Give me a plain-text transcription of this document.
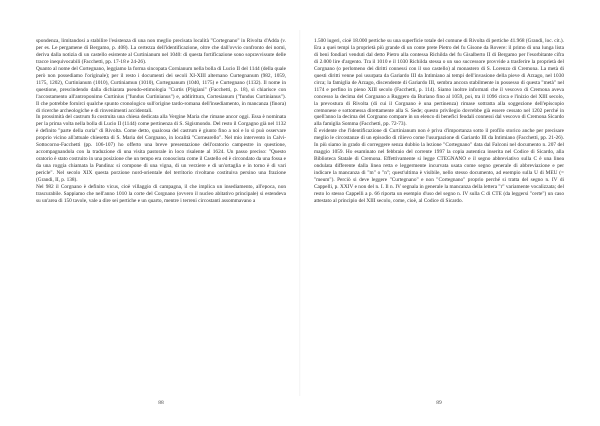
spondenza, limitandosi a stabilire l'esistenza di una non meglio precisata località "Cortegnano" in Rivolta d'Adda (v. per es. Le pergamene di Bergamo, p. 408). La certezza dell'identificazione, oltre che dall'ovvio confronto dei nomi, deriva dalla notizia di un castello esistente al Curtinianum nel 1040: di questa fortificazione sono sopravvissute delle tracce inequivocabili (Facchetti, pp. 17-18 e 24-26).

Quanto al nome del Cortegnano, leggiamo la forma sincopata Cornianum nella bolla di Lucio II del 1144 (della quale però non possediamo l'originale); per il resto i documenti dei secoli XI-XIII alternano Curtegnanum (982, 1059, 1175, 1202), Curtinianum (1010), Curtiniamun (1010), Cortegnanum (1040, 1175) e Curtegnano (1132). Il nome in questione, prescindendo dalla dichiarata pseudo-etimologia "Curtis (P)igiani" (Facchetti, p. 18), si chiarisce con l'accostamento all'antroponimo Curtinius ("fundus Curtinianus") e, addirittura, Cortesianum ("fundus Curtinianus"). Il che potrebbe fornirci qualche spunto cronologico sull'origine tardo-romana dell'insediamento, in mancanza (finora) di ricerche archeologiche e di rinvenimenti accidentali.

In prossimità del castrum fu costruita una chiesa dedicata alla Vergine Maria che rimane ancor oggi. Essa è nominata per la prima volta nella bolla di Lucio II (1144) come pertinenza di S. Sigismondo. Del resto il Corgagno già nel 1132 è definito "parte della curia" di Rivolta. Come detto, qualcosa del castrum è giunto fino a noi e lo si può osservare proprio vicino all'attuale chiesetta di S. Maria del Corgnano, in località "Cornearello". Nel mio intervento in Calvi-Sottocorno-Facchetti (pp. 106-107) ho offerto una breve presentazione dell'oratorio campestre in questione, accompagnandola con la traduzione di una visita pastorale in loco risalente al 1624. Un passo preciso: "Questo oratorio è stato costruito in una posizione che un tempo era conosciuta come il Castello ed è circondato da una fossa e da una roggia chiamata la Pandina: si compone di una vigna, di un verziere e di un'ortaglia e in torno è di vari pericle". Nel secolo XIX questa porzione nord-orientale del territorio rivoltano costituiva persino una frazione (Grandi, II, p. 138).

Nel 982 il Corgnano è definito vicus, cioè villaggio di campagna, il che implica un insediamento, all'epoca, non trascurabile. Sappiamo che nell'anno 1010 la corte del Corgnano (ovvero il nucleo abitativo principale) si estendeva su un'area di 150 tavole, vale a dire sei pertiche e un quarto, mentre i terreni circostanti assommavano a

88

1.500 iugeri, cioè 18.000 pertiche su una superficie totale del comune di Rivolta di pertiche 41.968 (Grandi, loc. cit.). Era a quei tempi la proprietà più grande di un conte prete Pietro del fu Gisone da Rovere: il primo di una lunga lista di beni fondiari venduti dal detto Pietro alla contessa Richilda del fu Gisalberto II di Bergamo per l'esorbitante cifra di 2.000 lire d'argento. Tra il 1010 e il 1030 Richilda stessa o un suo successore provvide a trasferire la proprietà del Corgnano (o perlomeno dei diritti connessi con il suo castello) al monastero di S. Lorenzo di Cremona. La metà di questi diritti venne poi usurpata da Gariardo III da Intimiano ai tempi dell'invasione della pieve di Arzago, nel 1030 circa; la famiglia de Arzago, discendente di Gariardo III, sembra ancora stabilmente in possesso di questa "metà" nel 1174 e perfino in pieno XIII secolo (Facchetti, p. 114). Siamo inoltre informati che il vescovo di Cremona aveva concesso la decima del Corgnano a Ruggero da Buriano fino al 1059, poi, tra il 1096 circa e l'inizio del XIII secolo, la prevostura di Rivolta (di cui il Corgnano è una pertinenza) rimase sottratta alla soggezione dell'episcopio cremonese e sottomessa direttamente alla S. Sede; questo privilegio dovrebbe già essere cessato nel 1202 perché in quell'anno la decima del Corgnano compare in un elenco di benefici feudali connessi dal vescovo di Cremona Sicardo alla famiglia Somma (Facchetti, pp. 72-73).

È evidente che l'identificazione di Curtinianum non è priva d'importanza sotto il profilo storico anche per precisare meglio le circostanze di un episodio di rilievo come l'usurpazione di Gariardo III da Intimiano (Facchetti, pp. 21-26). In più siamo in grado di correggere senza dubbio la lezione "Cortegnano" data dal Falconi nel documento n. 207 del maggio 1059. Ho esaminato nel febbraio del corrente 1997 la copia autentica inserita nel Codice di Sicardo, alla Biblioteca Statale di Cremona. Effettivamente si legge CTEGNANO e il segno abbreviativo sulla C è una linea ondulata differente dalla linea retta e leggermente incurvata usata come segno generale di abbreviazione e per indicare la mancanza di "m" o "n"; quest'ultima è visibile, nello stesso documento, ad esempio sulla U di MEU (= "meum"). Perciò si deve leggere "Curtegnano" e non "Cortegnano" proprio perché si tratta del segno n. IV di Cappelli, p. XXIV e non del n. I. Il n. IV segnala in generale la mancanza della lettera "r" variamente vocalizzata; del resto lo stesso Cappelli a p. 66 riporta un esempio d'uso del segno n. IV sulla C di CTE (da leggersi "certe") un caso attestato al principio del XIII secolo, come, cioè, al Codice di Sicardo.

89
